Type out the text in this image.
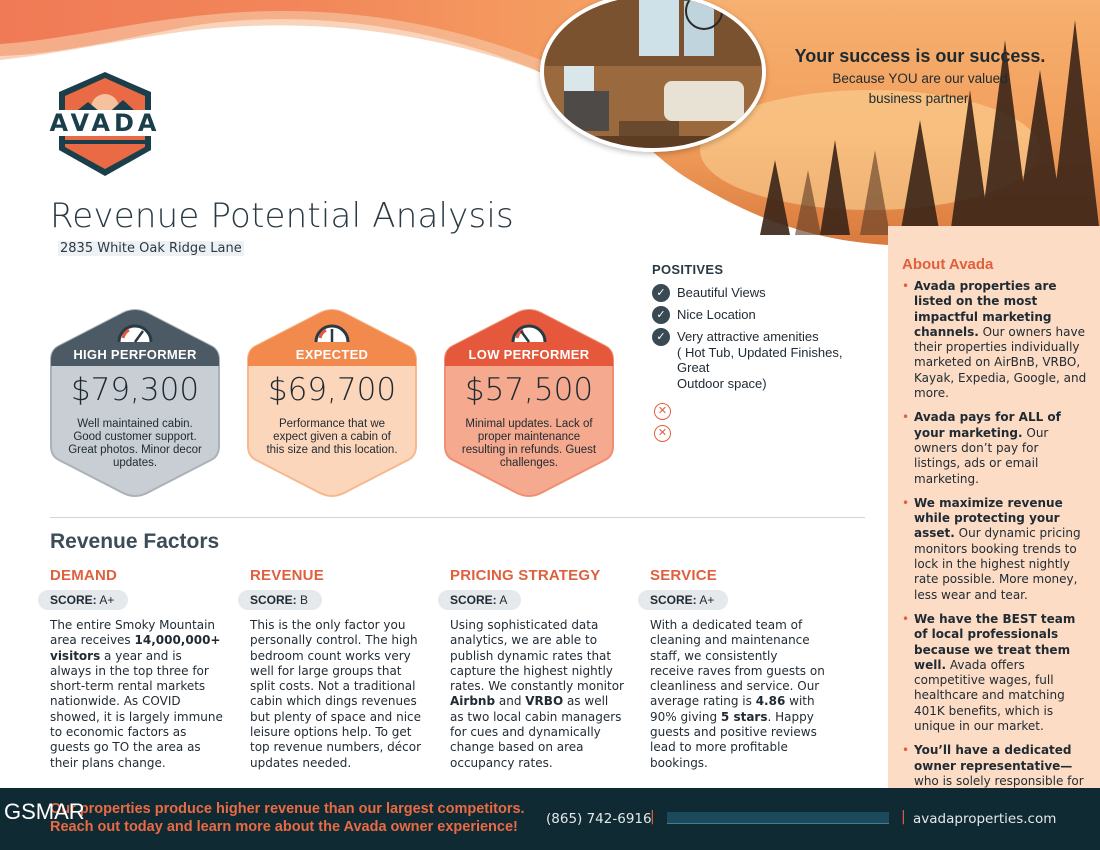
AVADA
Your success is our success.
Because YOU are our valued
business partner.
Revenue Potential Analysis
2835 White Oak Ridge Lane
HIGH PERFORMER
$79,300
Well maintained cabin. Good customer support. Great photos. Minor decor updates.
EXPECTED
$69,700
Performance that we expect given a cabin of this size and this location.
LOW PERFORMER
$57,500
Minimal updates. Lack of proper maintenance resulting in refunds. Guest challenges.
POSITIVES
✓ Beautiful Views
✓ Nice Location
✓ Very attractive amenities
( Hot Tub, Updated Finishes, Great
Outdoor space)
✕
✕
Revenue Factors
DEMAND
SCORE: A+
The entire Smoky Mountain area receives 14,000,000+ visitors a year and is always in the top three for short-term rental markets nationwide. As COVID showed, it is largely immune to economic factors as guests go TO the area as their plans change.
REVENUE
SCORE: B
This is the only factor you personally control. The high bedroom count works very well for large groups that split costs. Not a traditional cabin which dings revenues but plenty of space and nice leisure options help. To get top revenue numbers, décor updates needed.
PRICING STRATEGY
SCORE: A
Using sophisticated data analytics, we are able to publish dynamic rates that capture the highest nightly rates. We constantly monitor Airbnb and VRBO as well as two local cabin managers for cues and dynamically change based on area occupancy rates.
SERVICE
SCORE: A+
With a dedicated team of cleaning and maintenance staff, we consistently receive raves from guests on cleanliness and service. Our average rating is 4.86 with 90% giving 5 stars. Happy guests and positive reviews lead to more profitable bookings.
About Avada
• Avada properties are listed on the most impactful marketing channels. Our owners have their properties individually marketed on AirBnB, VRBO, Kayak, Expedia, Google, and more.
• Avada pays for ALL of your marketing. Our owners don’t pay for listings, ads or email marketing.
• We maximize revenue while protecting your asset. Our dynamic pricing monitors booking trends to lock in the highest nightly rate possible. More money, less wear and tear.
• We have the BEST team of local professionals because we treat them well. Avada offers competitive wages, full healthcare and matching 401K benefits, which is unique in our market.
• You’ll have a dedicated owner representative— who is solely responsible for
Our properties produce higher revenue than our largest competitors.
Reach out today and learn more about the Avada owner experience!
GSMAR	(865) 742-6916
|	| avadaproperties.com
